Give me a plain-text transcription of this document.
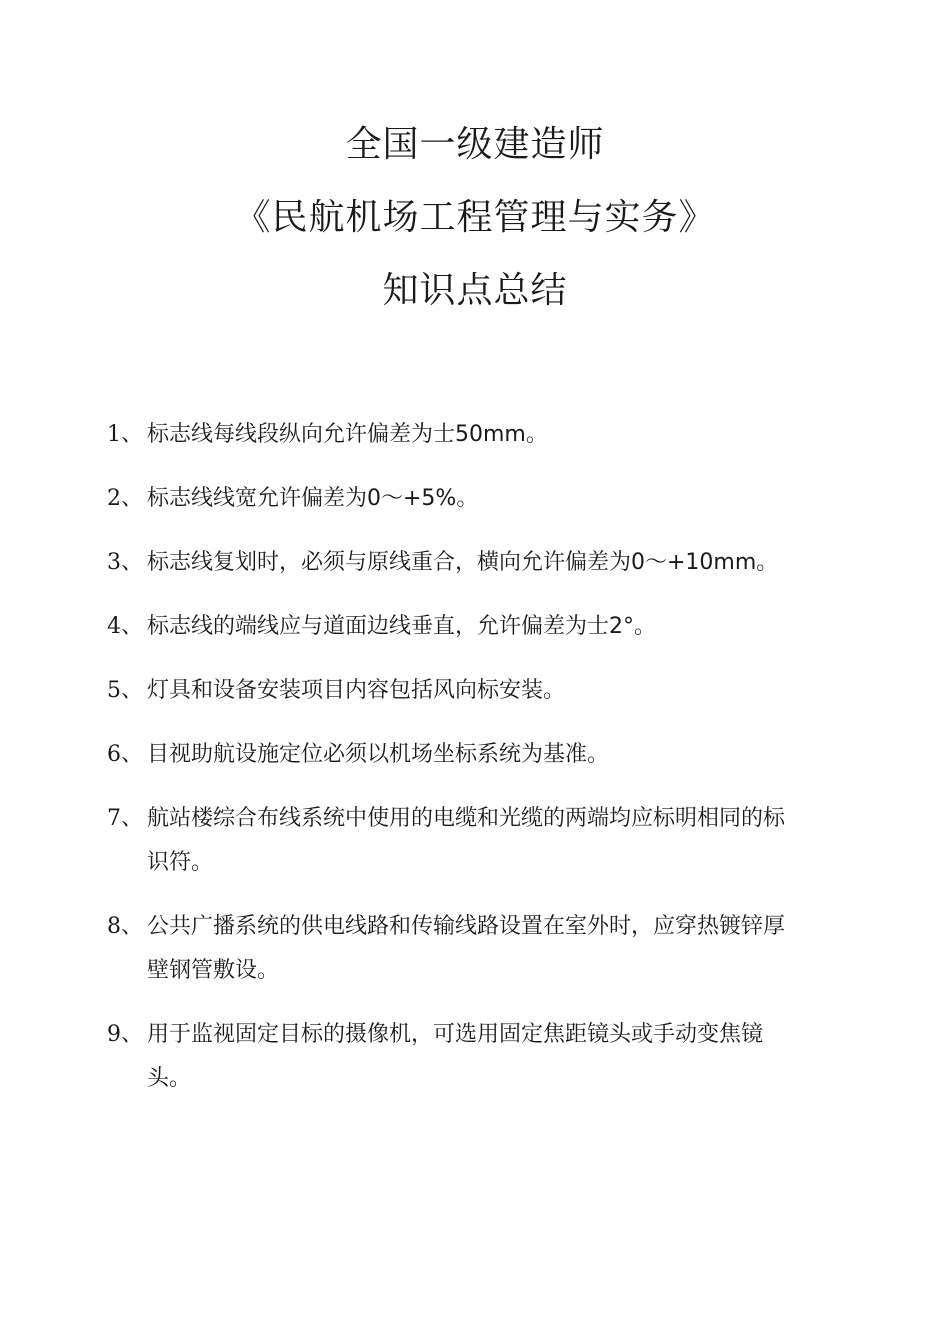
全国一级建造师
《民航机场工程管理与实务》
知识点总结
1、 标志线每线段纵向允许偏差为士50mm。
2、 标志线线宽允许偏差为0〜+5%。
3、 标志线复划时，必须与原线重合，横向允许偏差为0〜+10mm。
4、 标志线的端线应与道面边线垂直，允许偏差为士2°。
5、 灯具和设备安装项目内容包括风向标安装。
6、 目视助航设施定位必须以机场坐标系统为基准。
7、 航站楼综合布线系统中使用的电缆和光缆的两端均应标明相同的标识符。
8、 公共广播系统的供电线路和传输线路设置在室外时，应穿热镀锌厚壁钢管敷设。
9、 用于监视固定目标的摄像机，可选用固定焦距镜头或手动变焦镜头。
